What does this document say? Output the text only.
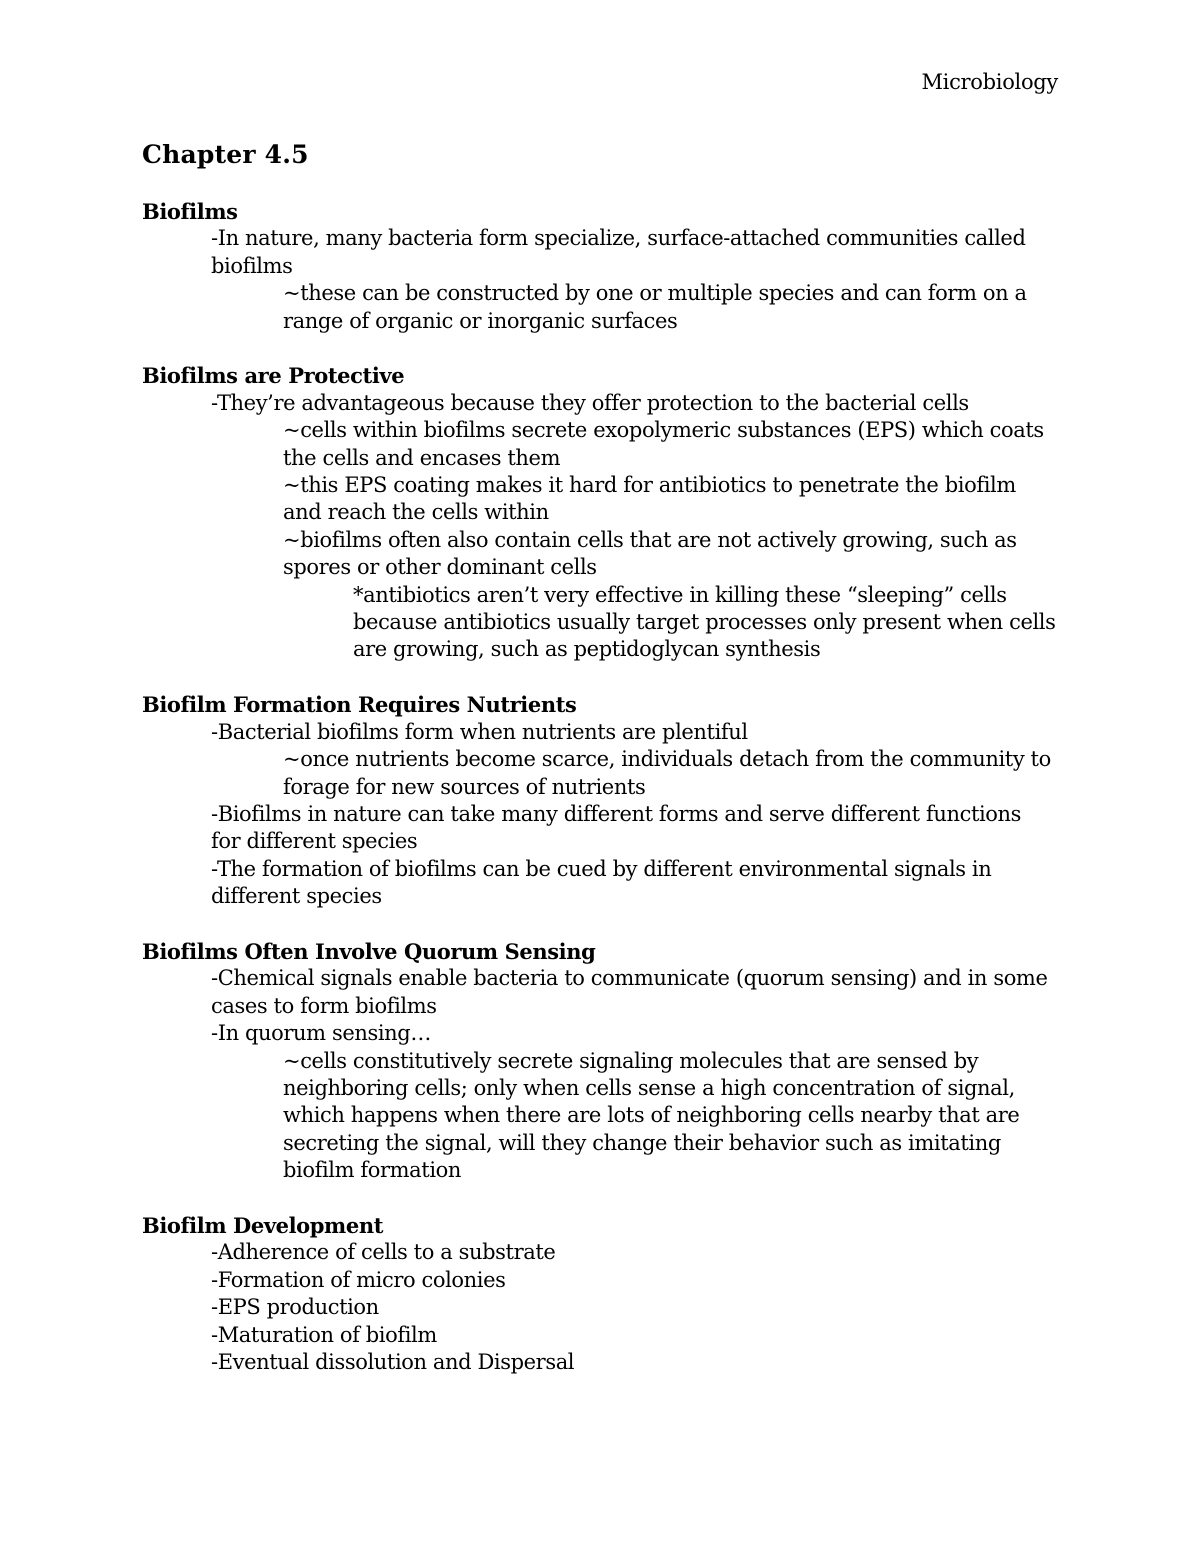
Microbiology
Chapter 4.5
Biofilms
-In nature, many bacteria form specialize, surface-attached communities called
biofilms
~these can be constructed by one or multiple species and can form on a
range of organic or inorganic surfaces
Biofilms are Protective
-They’re advantageous because they offer protection to the bacterial cells
~cells within biofilms secrete exopolymeric substances (EPS) which coats
the cells and encases them
~this EPS coating makes it hard for antibiotics to penetrate the biofilm
and reach the cells within
~biofilms often also contain cells that are not actively growing, such as
spores or other dominant cells
*antibiotics aren’t very effective in killing these “sleeping” cells
because antibiotics usually target processes only present when cells
are growing, such as peptidoglycan synthesis
Biofilm Formation Requires Nutrients
-Bacterial biofilms form when nutrients are plentiful
~once nutrients become scarce, individuals detach from the community to
forage for new sources of nutrients
-Biofilms in nature can take many different forms and serve different functions
for different species
-The formation of biofilms can be cued by different environmental signals in
different species
Biofilms Often Involve Quorum Sensing
-Chemical signals enable bacteria to communicate (quorum sensing) and in some
cases to form biofilms
-In quorum sensing…
~cells constitutively secrete signaling molecules that are sensed by
neighboring cells; only when cells sense a high concentration of signal,
which happens when there are lots of neighboring cells nearby that are
secreting the signal, will they change their behavior such as imitating
biofilm formation
Biofilm Development
-Adherence of cells to a substrate
-Formation of micro colonies
-EPS production
-Maturation of biofilm
-Eventual dissolution and Dispersal
